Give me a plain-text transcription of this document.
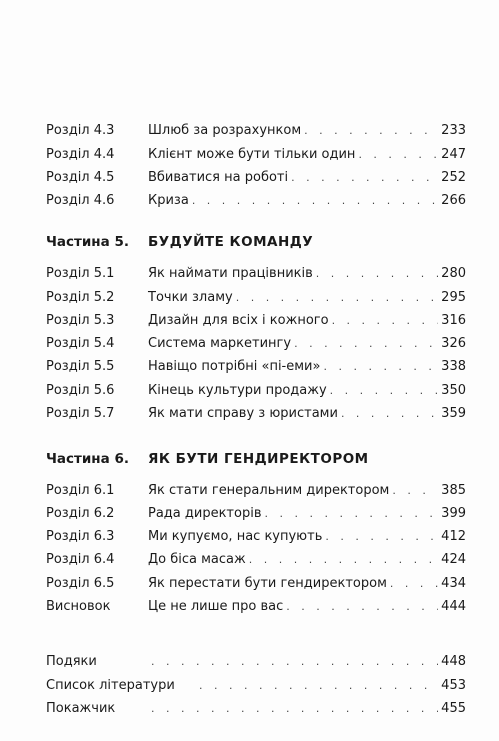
Розділ 4.3	Шлюб за розрахунком . . .	233
Розділ 4.4	Клієнт може бути тільки один . . .	247
Розділ 4.5	Вбиватися на роботі . . .	252
Розділ 4.6	Криза . . .	266
Частина 5.	БУДУЙТЕ КОМАНДУ
Розділ 5.1	Як наймати працівників . . .	280
Розділ 5.2	Точки зламу . . .	295
Розділ 5.3	Дизайн для всіх і кожного . . .	316
Розділ 5.4	Система маркетингу . . .	326
Розділ 5.5	Навіщо потрібні «пі-еми» . . .	338
Розділ 5.6	Кінець культури продажу . . .	350
Розділ 5.7	Як мати справу з юристами . . .	359
Частина 6.	ЯК БУТИ ГЕНДИРЕКТОРОМ
Розділ 6.1	Як стати генеральним директором . . .	385
Розділ 6.2	Рада директорів . . .	399
Розділ 6.3	Ми купуємо, нас купують . . .	412
Розділ 6.4	До біса масаж . . .	424
Розділ 6.5	Як перестати бути гендиректором . . .	434
Висновок	Це не лише про вас . . .	444
Подяки . . .	448
Список літератури . . .	453
Покажчик . . .	455
